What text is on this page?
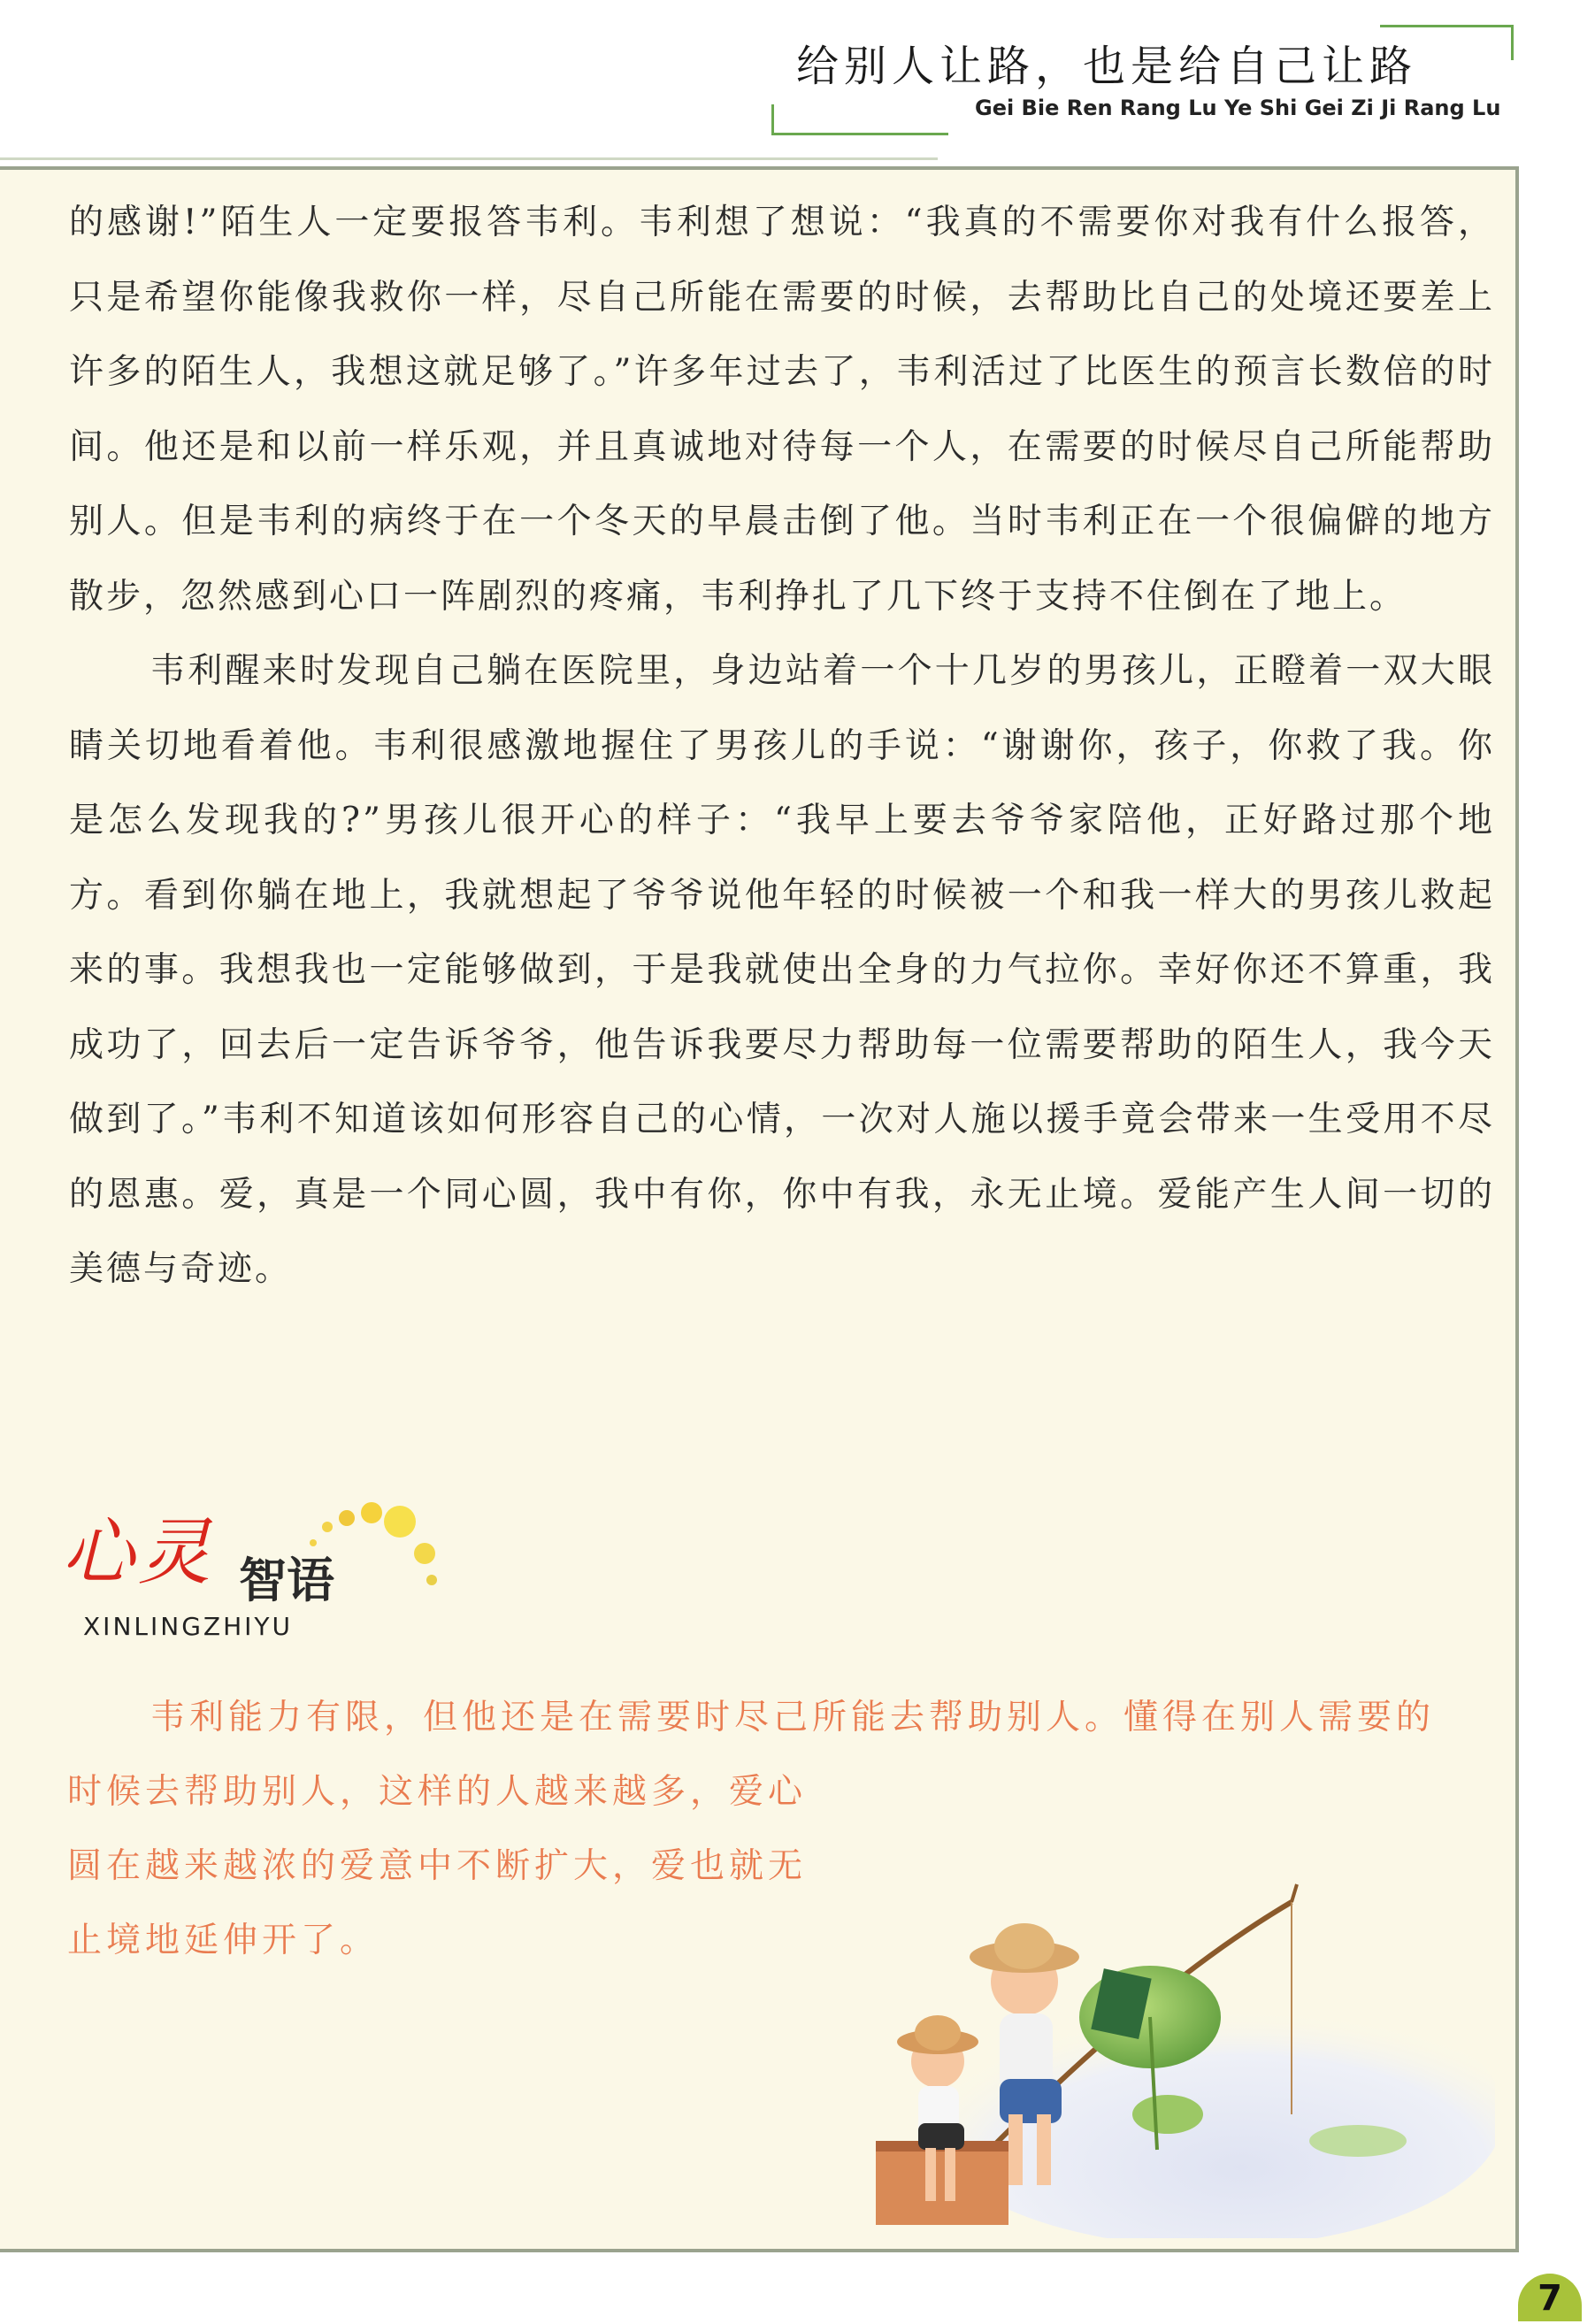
给别人让路，也是给自己让路
Gei Bie Ren Rang Lu Ye Shi Gei Zi Ji Rang Lu

的感谢!”陌生人一定要报答韦利。韦利想了想说：“我真的不需要你对我有什么报答，只是希望你能像我救你一样，尽自己所能在需要的时候，去帮助比自己的处境还要差上许多的陌生人，我想这就足够了。”许多年过去了，韦利活过了比医生的预言长数倍的时间。他还是和以前一样乐观，并且真诚地对待每一个人，在需要的时候尽自己所能帮助别人。但是韦利的病终于在一个冬天的早晨击倒了他。当时韦利正在一个很偏僻的地方散步，忽然感到心口一阵剧烈的疼痛，韦利挣扎了几下终于支持不住倒在了地上。

韦利醒来时发现自己躺在医院里，身边站着一个十几岁的男孩儿，正瞪着一双大眼睛关切地看着他。韦利很感激地握住了男孩儿的手说：“谢谢你，孩子，你救了我。你是怎么发现我的?”男孩儿很开心的样子：“我早上要去爷爷家陪他，正好路过那个地方。看到你躺在地上，我就想起了爷爷说他年轻的时候被一个和我一样大的男孩儿救起来的事。我想我也一定能够做到，于是我就使出全身的力气拉你。幸好你还不算重，我成功了，回去后一定告诉爷爷，他告诉我要尽力帮助每一位需要帮助的陌生人，我今天做到了。”韦利不知道该如何形容自己的心情，一次对人施以援手竟会带来一生受用不尽的恩惠。爱，真是一个同心圆，我中有你，你中有我，永无止境。爱能产生人间一切的美德与奇迹。

心灵 智语
XINLINGZHIYU
韦利能力有限，但他还是在需要时尽己所能去帮助别人。懂得在别人需要的
时候去帮助别人，这样的人越来越多，爱心
圆在越来越浓的爱意中不断扩大，爱也就无
止境地延伸开了。
7
